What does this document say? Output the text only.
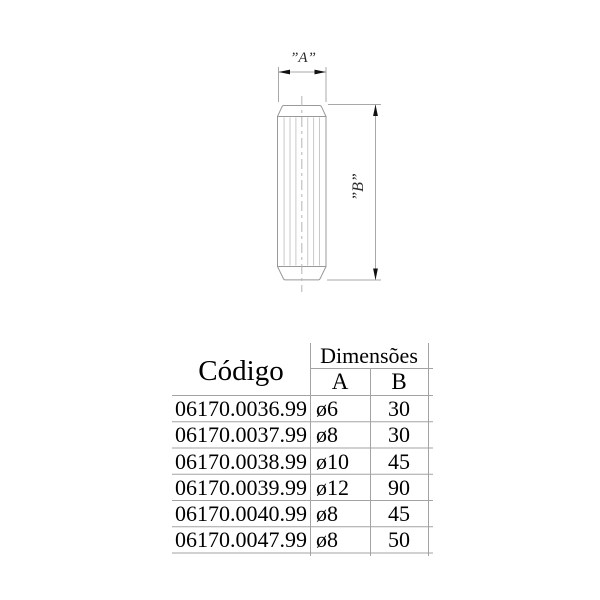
”A”
”B”
Código	Dimensões
A	B
06170.0036.99 ø6	30
06170.0037.99 ø8	30
06170.0038.99 ø10	45
06170.0039.99 ø12	90
06170.0040.99 ø8	45
06170.0047.99 ø8	50
